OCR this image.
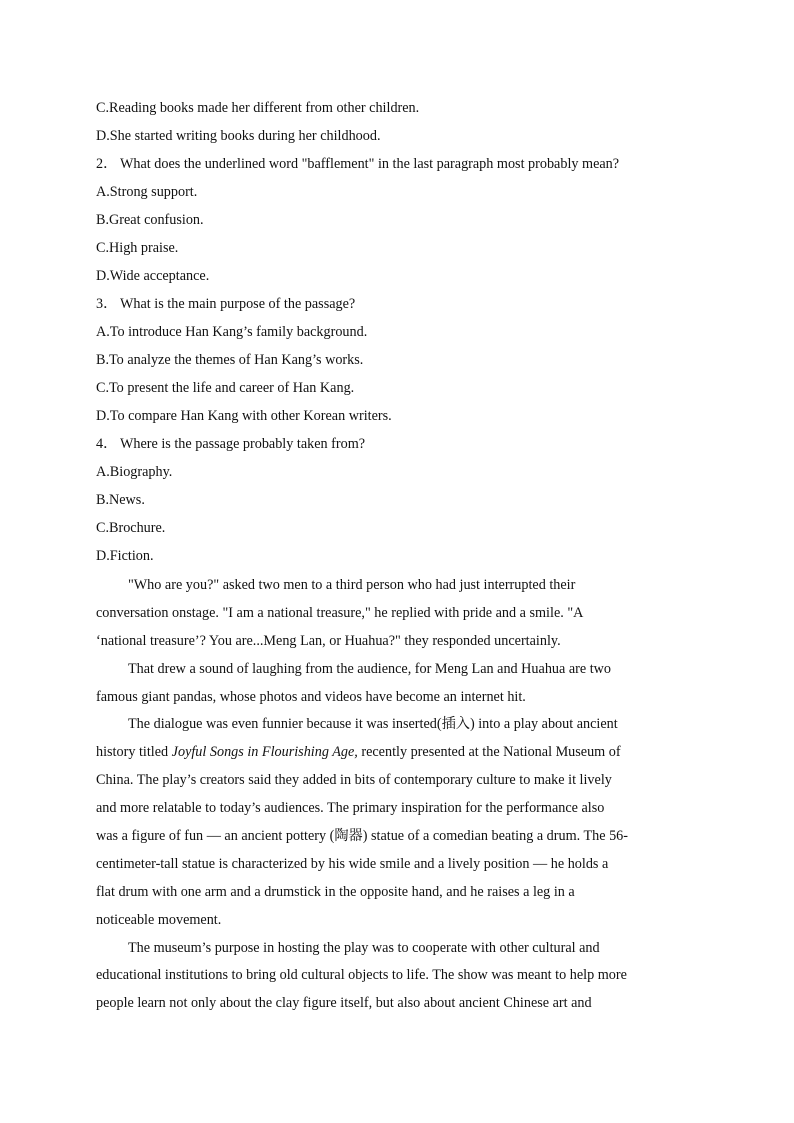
C.Reading books made her different from other children.
D.She started writing books during her childhood.
2． What does the underlined word "bafflement" in the last paragraph most probably mean?
A.Strong support.
B.Great confusion.
C.High praise.
D.Wide acceptance.
3． What is the main purpose of the passage?
A.To introduce Han Kang’s family background.
B.To analyze the themes of Han Kang’s works.
C.To present the life and career of Han Kang.
D.To compare Han Kang with other Korean writers.
4． Where is the passage probably taken from?
A.Biography.
B.News.
C.Brochure.
D.Fiction.
"Who are you?" asked two men to a third person who had just interrupted their
conversation onstage. "I am a national treasure," he replied with pride and a smile. "A
‘national treasure’? You are...Meng Lan, or Huahua?" they responded uncertainly.
That drew a sound of laughing from the audience, for Meng Lan and Huahua are two
famous giant pandas, whose photos and videos have become an internet hit.
The dialogue was even funnier because it was inserted(插入) into a play about ancient
history titled Joyful Songs in Flourishing Age, recently presented at the National Museum of
China. The play’s creators said they added in bits of contemporary culture to make it lively
and more relatable to today’s audiences. The primary inspiration for the performance also
was a figure of fun — an ancient pottery (陶器) statue of a comedian beating a drum. The 56-
centimeter-tall statue is characterized by his wide smile and a lively position — he holds a
flat drum with one arm and a drumstick in the opposite hand, and he raises a leg in a
noticeable movement.
The museum’s purpose in hosting the play was to cooperate with other cultural and
educational institutions to bring old cultural objects to life. The show was meant to help more
people learn not only about the clay figure itself, but also about ancient Chinese art and
